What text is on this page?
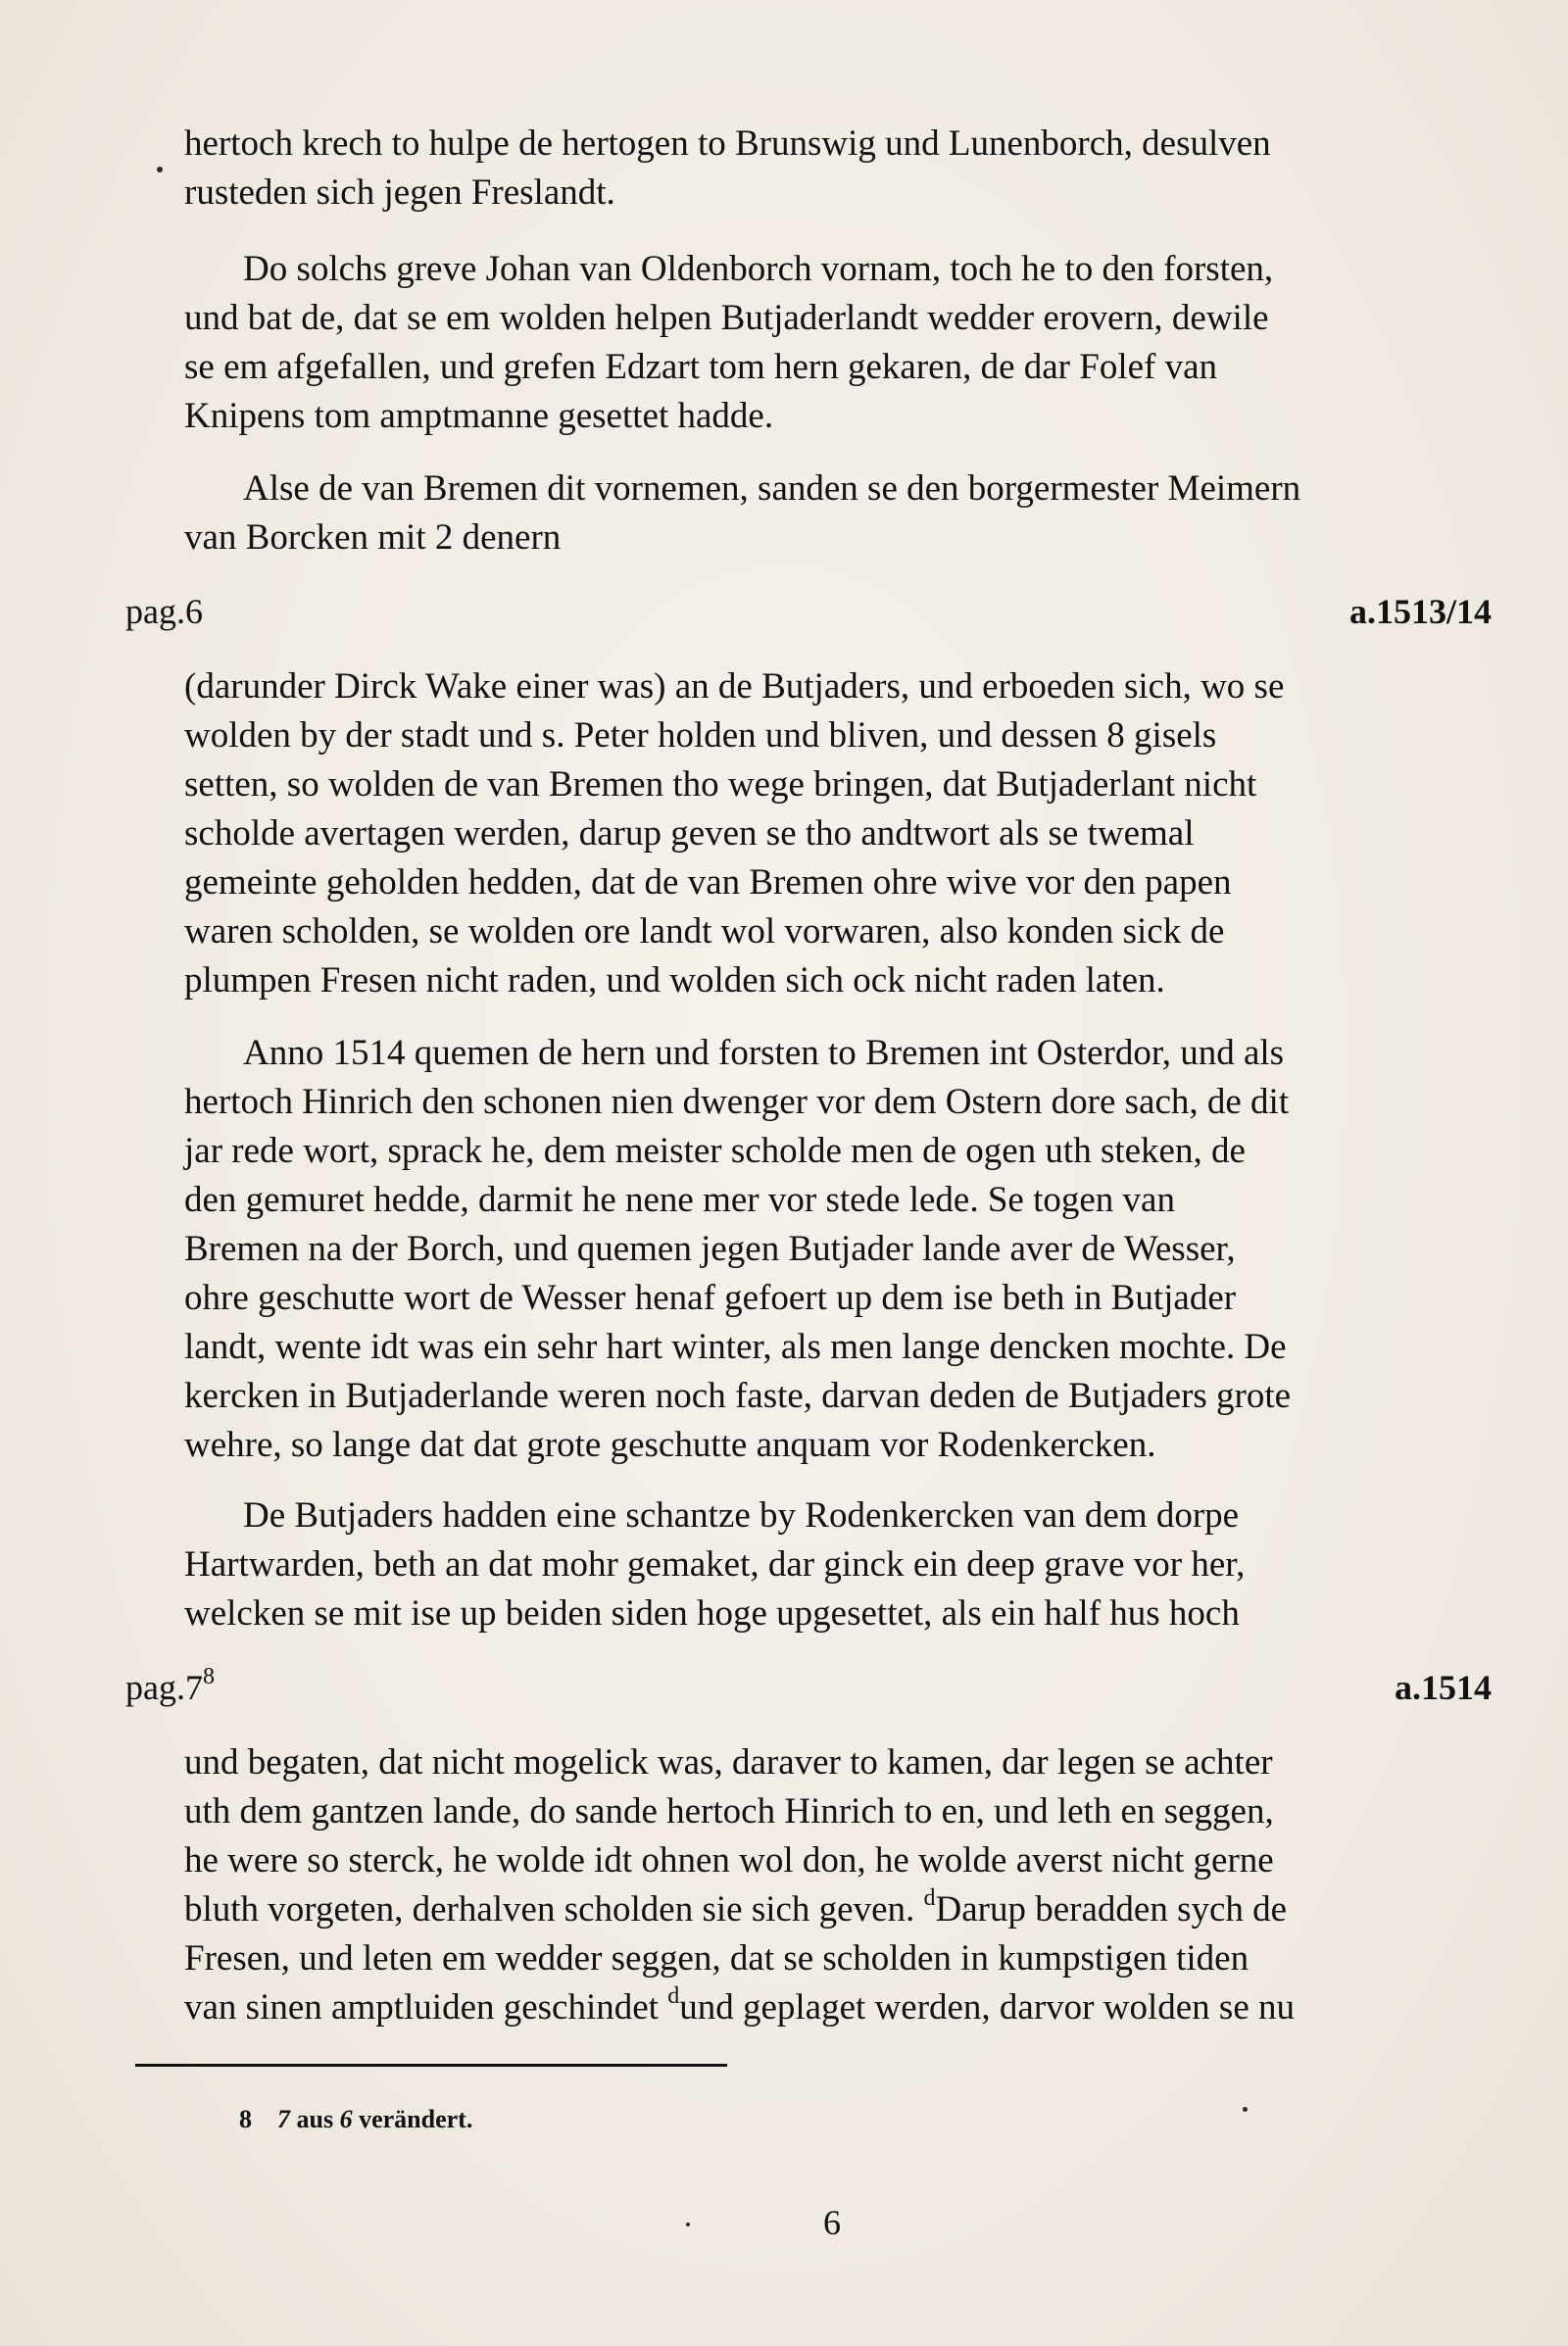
hertoch krech to hulpe de hertogen to Brunswig und Lunenborch, desulven

rusteden sich jegen Freslandt.

Do solchs greve Johan van Oldenborch vornam, toch he to den forsten,

und bat de, dat se em wolden helpen Butjaderlandt wedder erovern, dewile

se em afgefallen, und grefen Edzart tom hern gekaren, de dar Folef van

Knipens tom amptmanne gesettet hadde.

Alse de van Bremen dit vornemen, sanden se den borgermester Meimern

van Borcken mit 2 denern

pag.6	a.1513/14

(darunder Dirck Wake einer was) an de Butjaders, und erboeden sich, wo se

wolden by der stadt und s. Peter holden und bliven, und dessen 8 gisels

setten, so wolden de van Bremen tho wege bringen, dat Butjaderlant nicht

scholde avertagen werden, darup geven se tho andtwort als se twemal

gemeinte geholden hedden, dat de van Bremen ohre wive vor den papen

waren scholden, se wolden ore landt wol vorwaren, also konden sick de

plumpen Fresen nicht raden, und wolden sich ock nicht raden laten.

Anno 1514 quemen de hern und forsten to Bremen int Osterdor, und als

hertoch Hinrich den schonen nien dwenger vor dem Ostern dore sach, de dit

jar rede wort, sprack he, dem meister scholde men de ogen uth steken, de

den gemuret hedde, darmit he nene mer vor stede lede. Se togen van

Bremen na der Borch, und quemen jegen Butjader lande aver de Wesser,

ohre geschutte wort de Wesser henaf gefoert up dem ise beth in Butjader

landt, wente idt was ein sehr hart winter, als men lange dencken mochte. De

kercken in Butjaderlande weren noch faste, darvan deden de Butjaders grote

wehre, so lange dat dat grote geschutte anquam vor Rodenkercken.

De Butjaders hadden eine schantze by Rodenkercken van dem dorpe

Hartwarden, beth an dat mohr gemaket, dar ginck ein deep grave vor her,

welcken se mit ise up beiden siden hoge upgesettet, als ein half hus hoch

$pag.7^8$	a.1514

und begaten, dat nicht mogelick was, daraver to kamen, dar legen se achter

uth dem gantzen lande, do sande hertoch Hinrich to en, und leth en seggen,

he were so sterck, he wolde idt ohnen wol don, he wolde averst nicht gerne

bluth vorgeten, derhalven scholden sie sich geven. $^d$Darup beradden sych de

Fresen, und leten em wedder seggen, dat se scholden in kumpstigen tiden

van sinen amptluiden geschindet $^d$und geplaget werden, darvor wolden se nu

8 7 aus 6 verändert.
6
